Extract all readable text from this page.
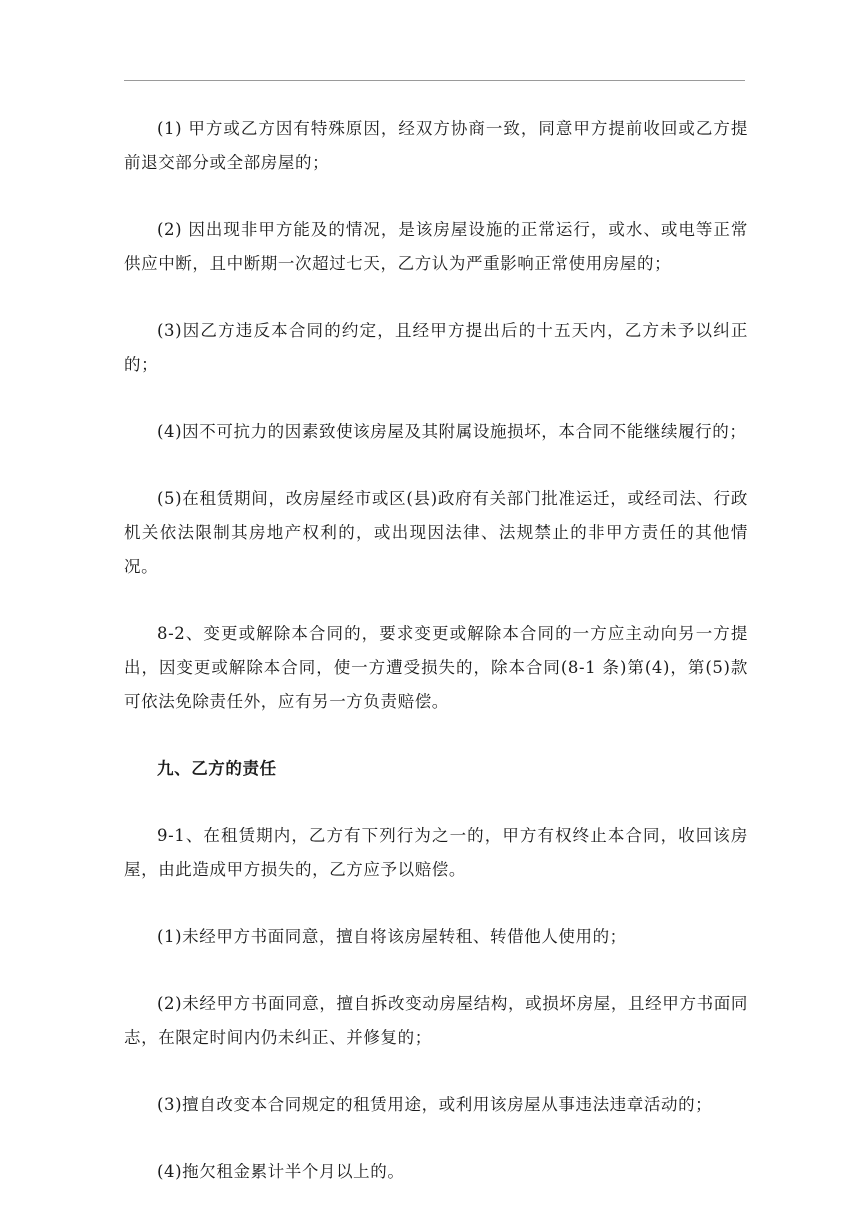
(1) 甲方或乙方因有特殊原因，经双方协商一致，同意甲方提前收回或乙方提前退交部分或全部房屋的；

(2) 因出现非甲方能及的情况，是该房屋设施的正常运行，或水、或电等正常供应中断，且中断期一次超过七天，乙方认为严重影响正常使用房屋的；

(3)因乙方违反本合同的约定，且经甲方提出后的十五天内，乙方未予以纠正的；

(4)因不可抗力的因素致使该房屋及其附属设施损坏，本合同不能继续履行的；

(5)在租赁期间，改房屋经市或区(县)政府有关部门批准运迁，或经司法、行政机关依法限制其房地产权利的，或出现因法律、法规禁止的非甲方责任的其他情况。

8-2、变更或解除本合同的，要求变更或解除本合同的一方应主动向另一方提出，因变更或解除本合同，使一方遭受损失的，除本合同(8-1 条)第(4)，第(5)款可依法免除责任外，应有另一方负责赔偿。

九、乙方的责任

9-1、在租赁期内，乙方有下列行为之一的，甲方有权终止本合同，收回该房屋，由此造成甲方损失的，乙方应予以赔偿。

(1)未经甲方书面同意，擅自将该房屋转租、转借他人使用的；

(2)未经甲方书面同意，擅自拆改变动房屋结构，或损坏房屋，且经甲方书面同志，在限定时间内仍未纠正、并修复的；

(3)擅自改变本合同规定的租赁用途，或利用该房屋从事违法违章活动的；

(4)拖欠租金累计半个月以上的。
